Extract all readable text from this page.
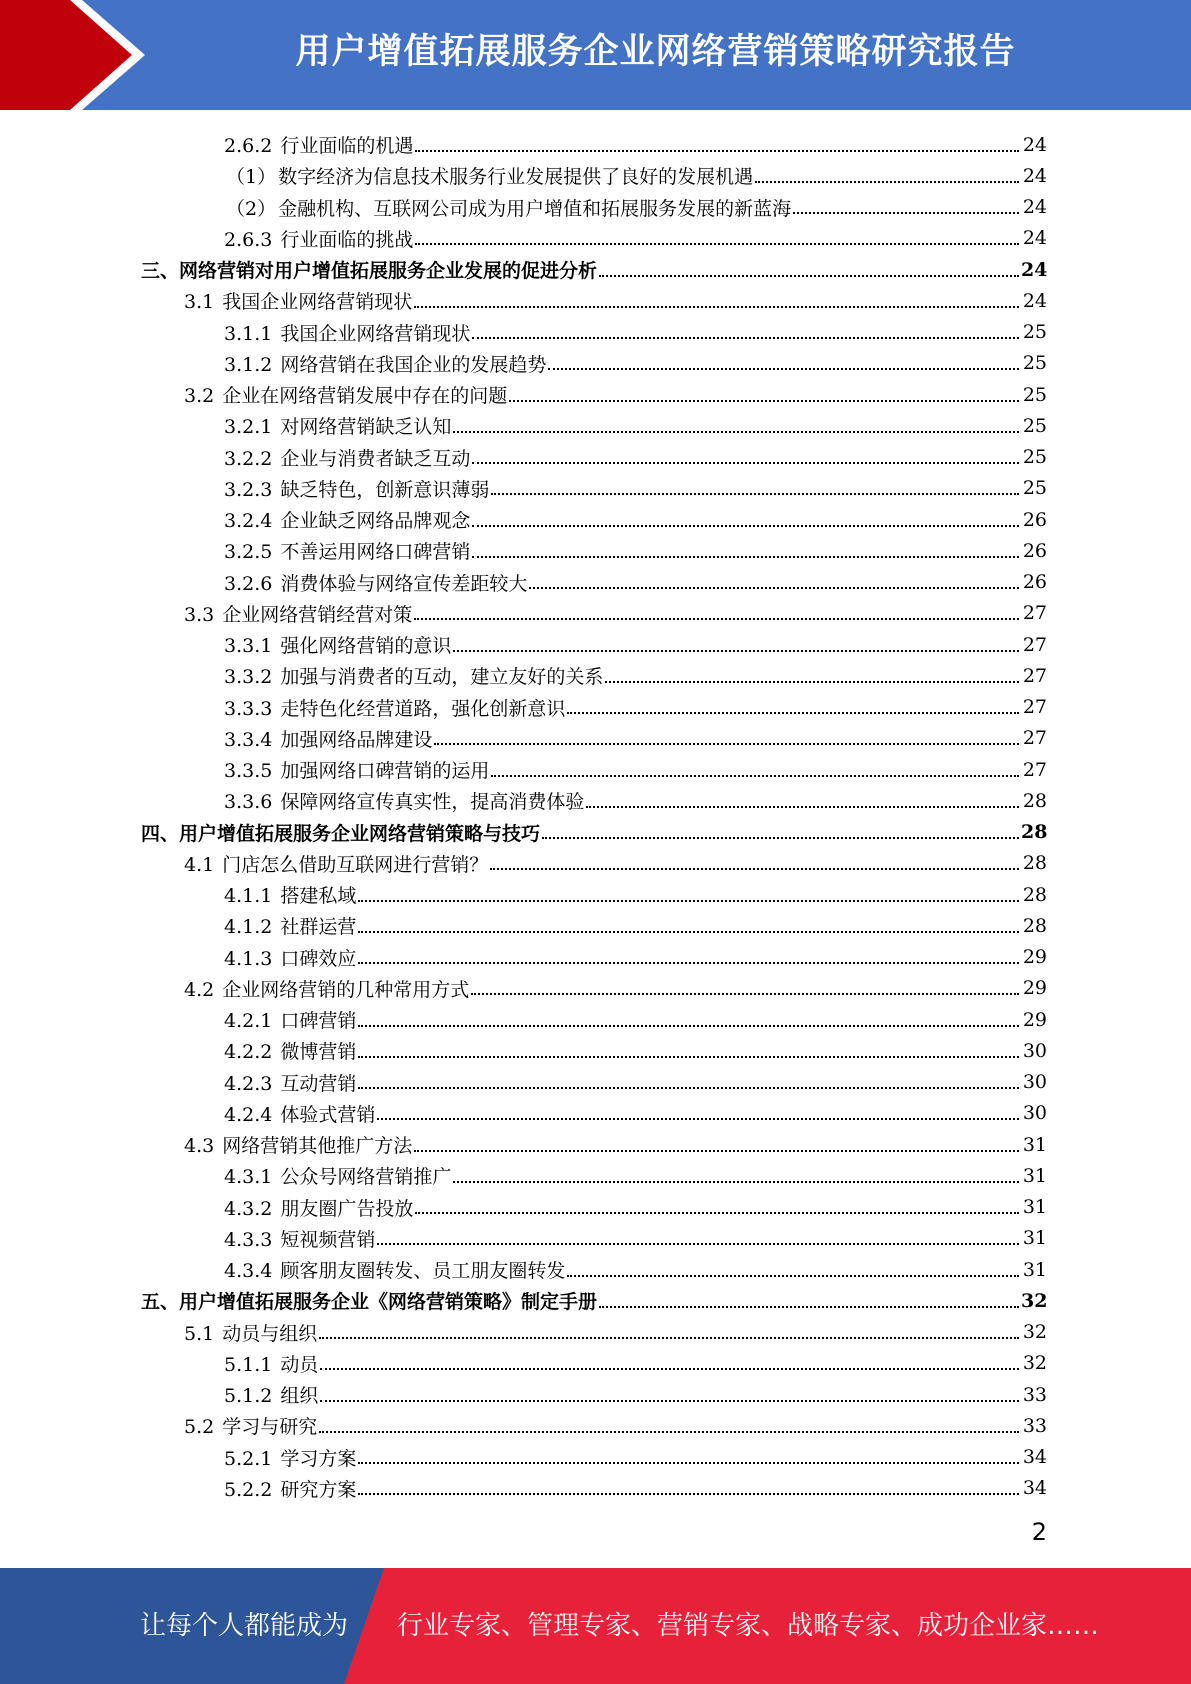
用户增值拓展服务企业网络营销策略研究报告
2.6.2 行业面临的机遇	24
（1） 数字经济为信息技术服务行业发展提供了良好的发展机遇	24
（2） 金融机构、互联网公司成为用户增值和拓展服务发展的新蓝海	24
2.6.3 行业面临的挑战	24
三、网络营销对用户增值拓展服务企业发展的促进分析	24
3.1 我国企业网络营销现状	24
3.1.1 我国企业网络营销现状	25
3.1.2 网络营销在我国企业的发展趋势	25
3.2 企业在网络营销发展中存在的问题	25
3.2.1 对网络营销缺乏认知	25
3.2.2 企业与消费者缺乏互动	25
3.2.3 缺乏特色，创新意识薄弱	25
3.2.4 企业缺乏网络品牌观念	26
3.2.5 不善运用网络口碑营销	26
3.2.6 消费体验与网络宣传差距较大	26
3.3 企业网络营销经营对策	27
3.3.1 强化网络营销的意识	27
3.3.2 加强与消费者的互动，建立友好的关系	27
3.3.3 走特色化经营道路，强化创新意识	27
3.3.4 加强网络品牌建设	27
3.3.5 加强网络口碑营销的运用	27
3.3.6 保障网络宣传真实性，提高消费体验	28
四、用户增值拓展服务企业网络营销策略与技巧	28
4.1 门店怎么借助互联网进行营销？	28
4.1.1 搭建私域	28
4.1.2 社群运营	28
4.1.3 口碑效应	29
4.2 企业网络营销的几种常用方式	29
4.2.1 口碑营销	29
4.2.2 微博营销	30
4.2.3 互动营销	30
4.2.4 体验式营销	30
4.3 网络营销其他推广方法	31
4.3.1 公众号网络营销推广	31
4.3.2 朋友圈广告投放	31
4.3.3 短视频营销	31
4.3.4 顾客朋友圈转发、员工朋友圈转发	31
五、用户增值拓展服务企业《网络营销策略》制定手册	32
5.1 动员与组织	32
5.1.1 动员	32
5.1.2 组织	33
5.2 学习与研究	33
5.2.1 学习方案	34
5.2.2 研究方案	34
2
让每个人都能成为 行业专家、管理专家、营销专家、战略专家、成功企业家……
